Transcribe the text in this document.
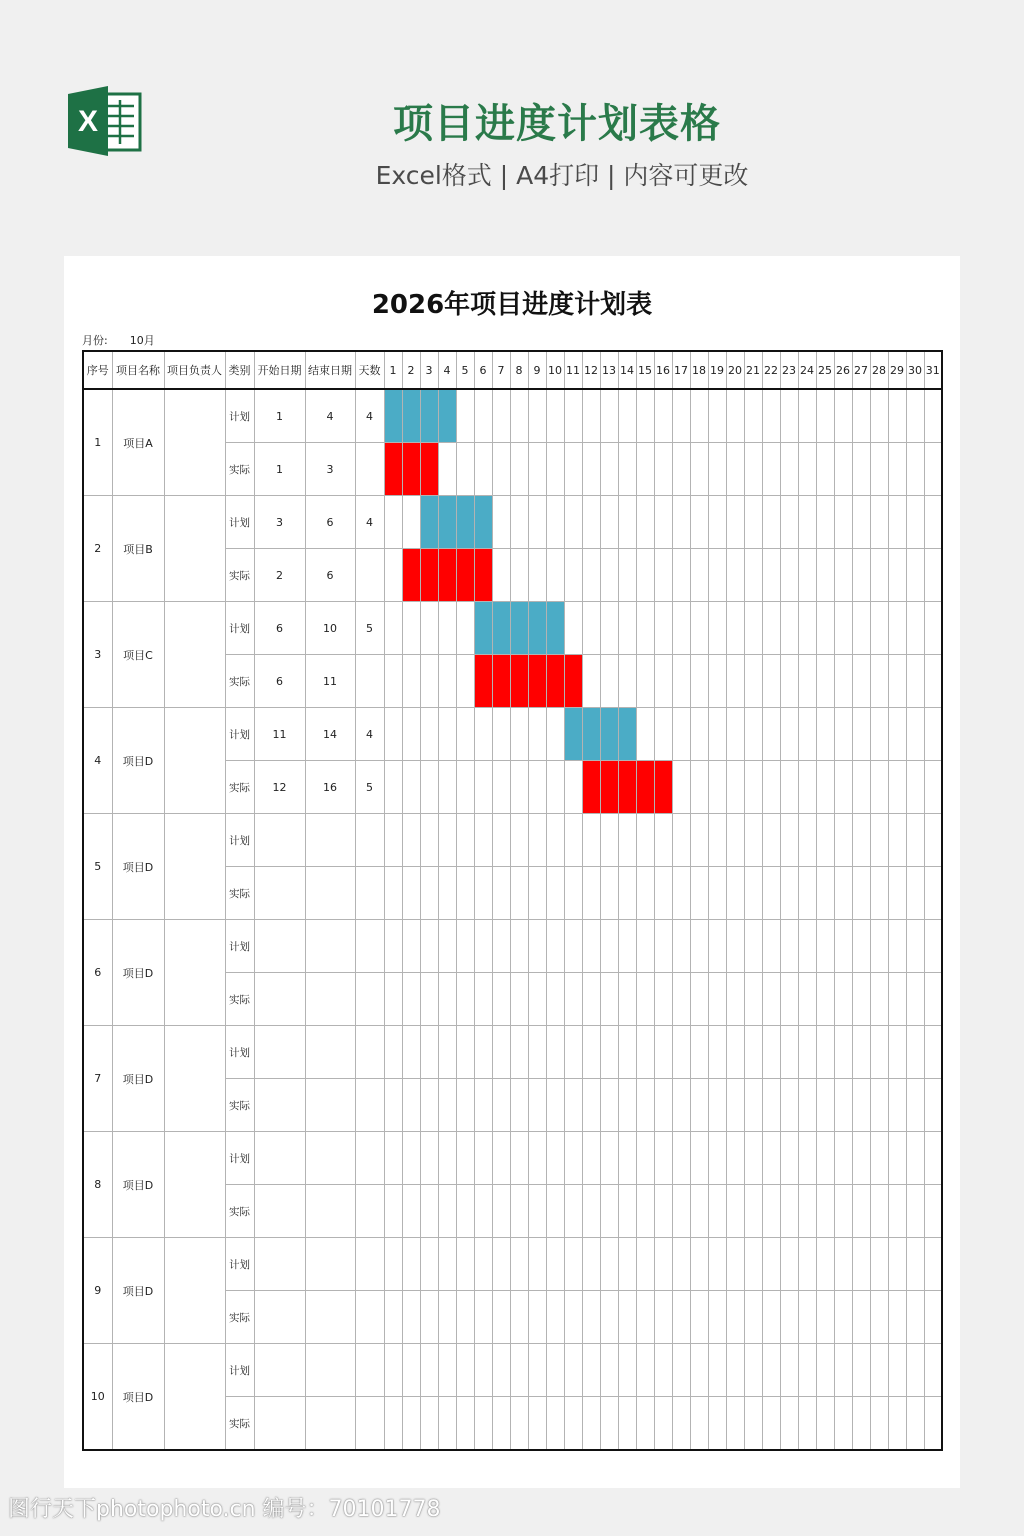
X	项目进度计划表格
Excel格式 | A4打印 | 内容可更改
2026年项目进度计划表
月份: 10月
序号	项目名称	项目负责人	类别	开始日期	结束日期	天数	1	2	3	4	5	6	7	8	9	10	11	12	13	14	15	16	17	18	19	20	21	22	23	24	25	26	27	28	29	30	31
1	项目A		计划	1	4	4																															
			实际	1	3																																
2	项目B		计划	3	6	4																															
			实际	2	6																																
3	项目C		计划	6	10	5																															
			实际	6	11																																
4	项目D		计划	11	14	4																															
			实际	12	16	5																															
5	项目D		计划																																		
			实际																																		
6	项目D		计划																																		
			实际																																		
7	项目D		计划																																		
			实际																																		
8	项目D		计划																																		
			实际																																		
9	项目D		计划																																		
			实际																																		
10	项目D		计划																																		
			实际																																		
图行天下photophoto.cn 编号：70101778
